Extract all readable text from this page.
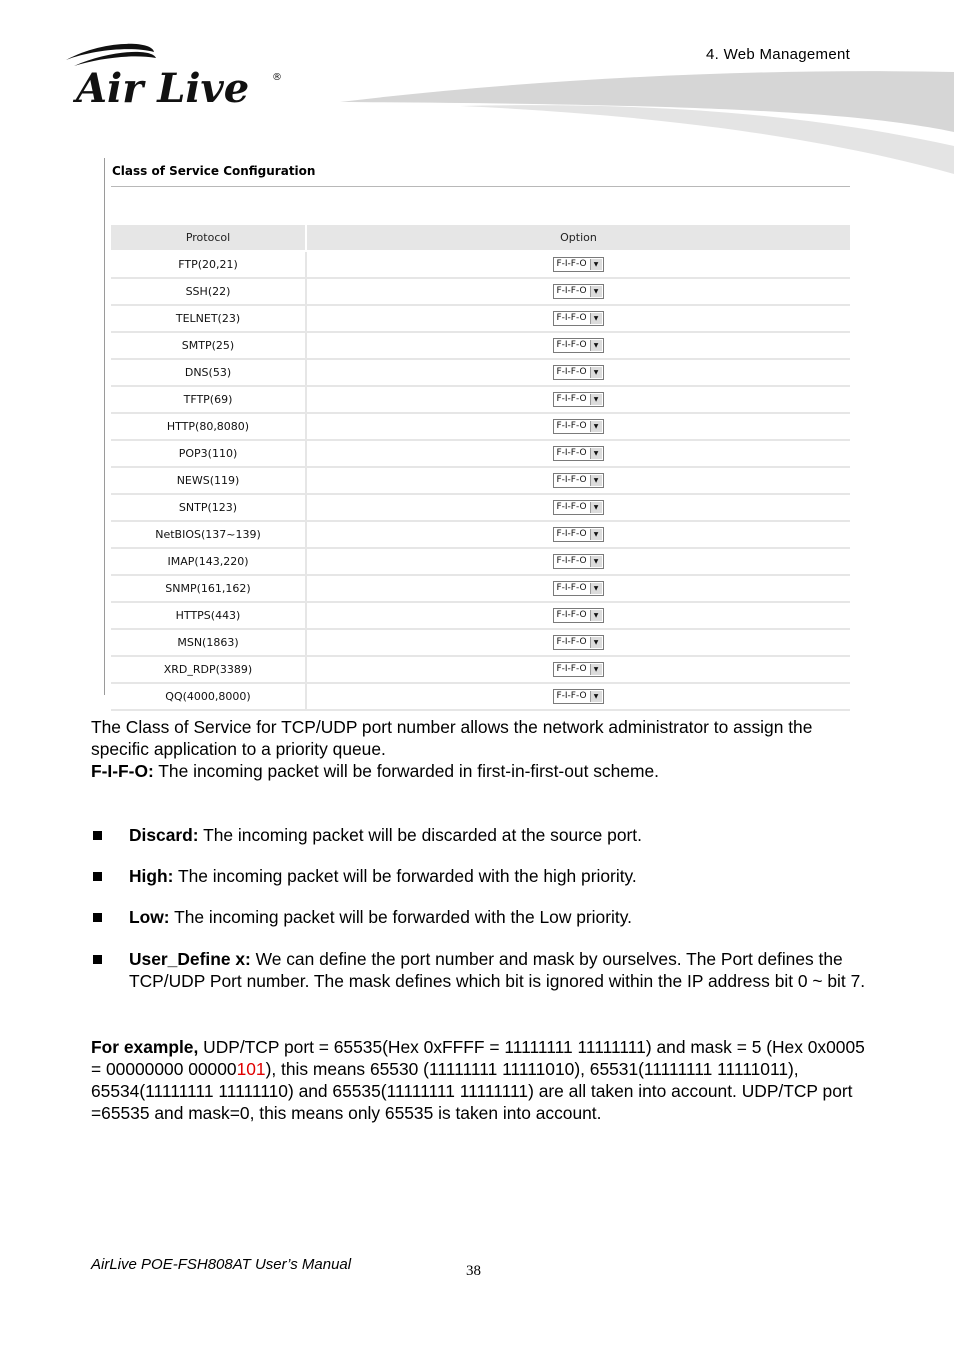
4. Web Management
Air Live ®
Class of Service Configuration
Protocol	Option
FTP(20,21)	F-I-F-O ▼

SSH(22)	F-I-F-O ▼

TELNET(23)	F-I-F-O ▼

SMTP(25)	F-I-F-O ▼

DNS(53)	F-I-F-O ▼

TFTP(69)	F-I-F-O ▼

HTTP(80,8080)	F-I-F-O ▼

POP3(110)	F-I-F-O ▼

NEWS(119)	F-I-F-O ▼

SNTP(123)	F-I-F-O ▼

NetBIOS(137~139)	F-I-F-O ▼

IMAP(143,220)	F-I-F-O ▼

SNMP(161,162)	F-I-F-O ▼

HTTPS(443)	F-I-F-O ▼

MSN(1863)	F-I-F-O ▼

XRD_RDP(3389)	F-I-F-O ▼

QQ(4000,8000)	F-I-F-O ▼
The Class of Service for TCP/UDP port number allows the network administrator to assign the specific application to a priority queue.
F-I-F-O: The incoming packet will be forwarded in first-in-first-out scheme.
Discard: The incoming packet will be discarded at the source port.
High: The incoming packet will be forwarded with the high priority.
Low: The incoming packet will be forwarded with the Low priority.
User_Define x: We can define the port number and mask by ourselves. The Port defines the TCP/UDP Port number. The mask defines which bit is ignored within the IP address bit 0 ~ bit 7.
For example, UDP/TCP port = 65535(Hex 0xFFFF = 11111111 11111111) and mask = 5 (Hex 0x0005 = 00000000 00000101), this means 65530 (11111111 11111010), 65531(11111111 11111011), 65534(11111111 11111110) and 65535(11111111 11111111) are all taken into account. UDP/TCP port =65535 and mask=0, this means only 65535 is taken into account.
AirLive POE-FSH808AT User’s Manual	38
